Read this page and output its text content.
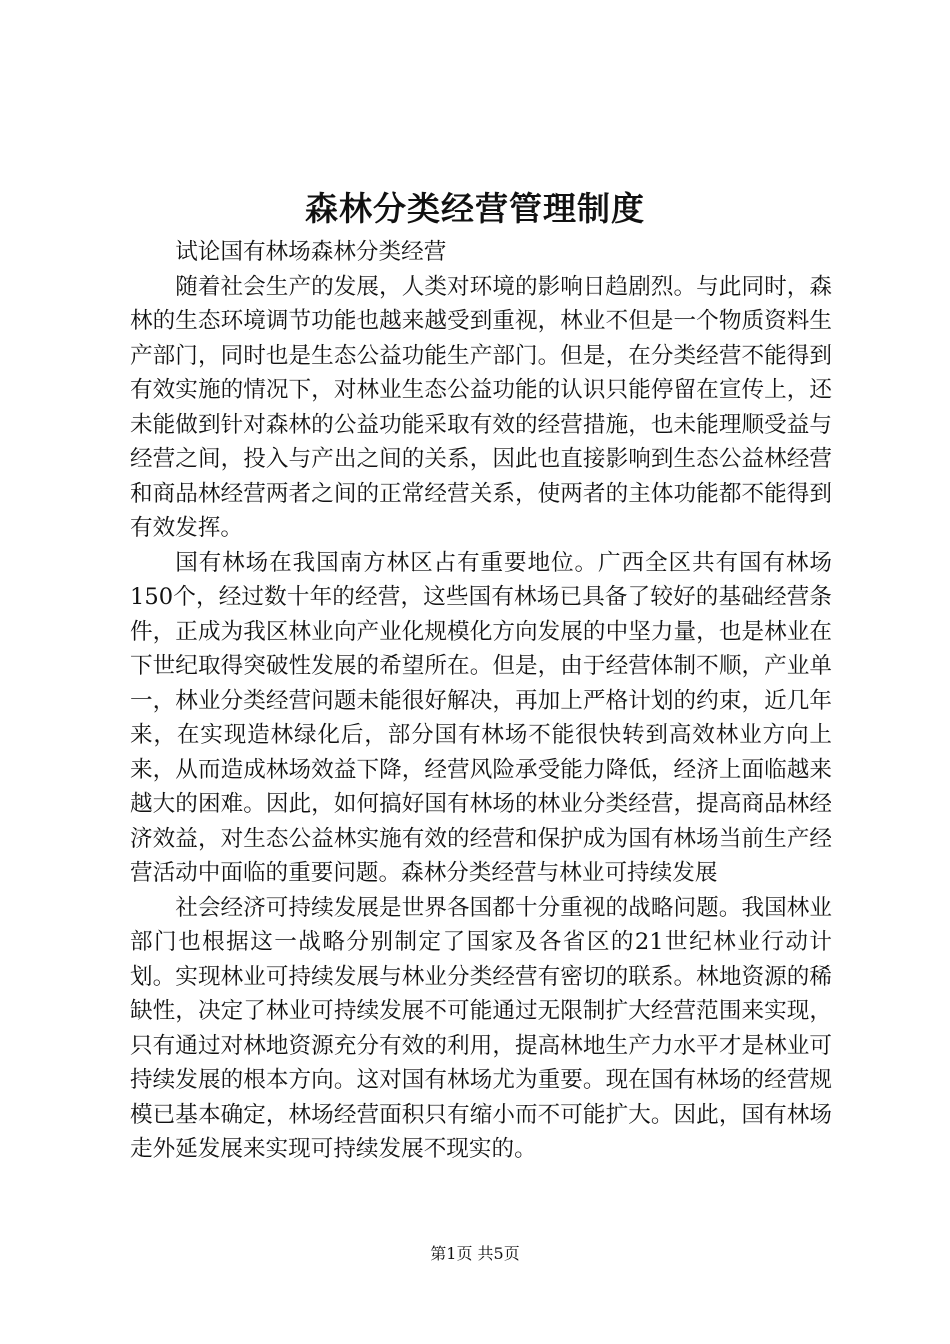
森林分类经营管理制度

试论国有林场森林分类经营

随着社会生产的发展，人类对环境的影响日趋剧烈。与此同时，森林的生态环境调节功能也越来越受到重视，林业不但是一个物质资料生产部门，同时也是生态公益功能生产部门。但是，在分类经营不能得到有效实施的情况下，对林业生态公益功能的认识只能停留在宣传上，还未能做到针对森林的公益功能采取有效的经营措施，也未能理顺受益与经营之间，投入与产出之间的关系，因此也直接影响到生态公益林经营和商品林经营两者之间的正常经营关系，使两者的主体功能都不能得到有效发挥。

国有林场在我国南方林区占有重要地位。广西全区共有国有林场150个，经过数十年的经营，这些国有林场已具备了较好的基础经营条件，正成为我区林业向产业化规模化方向发展的中坚力量，也是林业在下世纪取得突破性发展的希望所在。但是，由于经营体制不顺，产业单一，林业分类经营问题未能很好解决，再加上严格计划的约束，近几年来，在实现造林绿化后，部分国有林场不能很快转到高效林业方向上来，从而造成林场效益下降，经营风险承受能力降低，经济上面临越来越大的困难。因此，如何搞好国有林场的林业分类经营，提高商品林经济效益，对生态公益林实施有效的经营和保护成为国有林场当前生产经营活动中面临的重要问题。森林分类经营与林业可持续发展

社会经济可持续发展是世界各国都十分重视的战略问题。我国林业部门也根据这一战略分别制定了国家及各省区的21世纪林业行动计划。实现林业可持续发展与林业分类经营有密切的联系。林地资源的稀缺性，决定了林业可持续发展不可能通过无限制扩大经营范围来实现，只有通过对林地资源充分有效的利用，提高林地生产力水平才是林业可持续发展的根本方向。这对国有林场尤为重要。现在国有林场的经营规模已基本确定，林场经营面积只有缩小而不可能扩大。因此，国有林场走外延发展来实现可持续发展不现实的。

第1页 共5页
